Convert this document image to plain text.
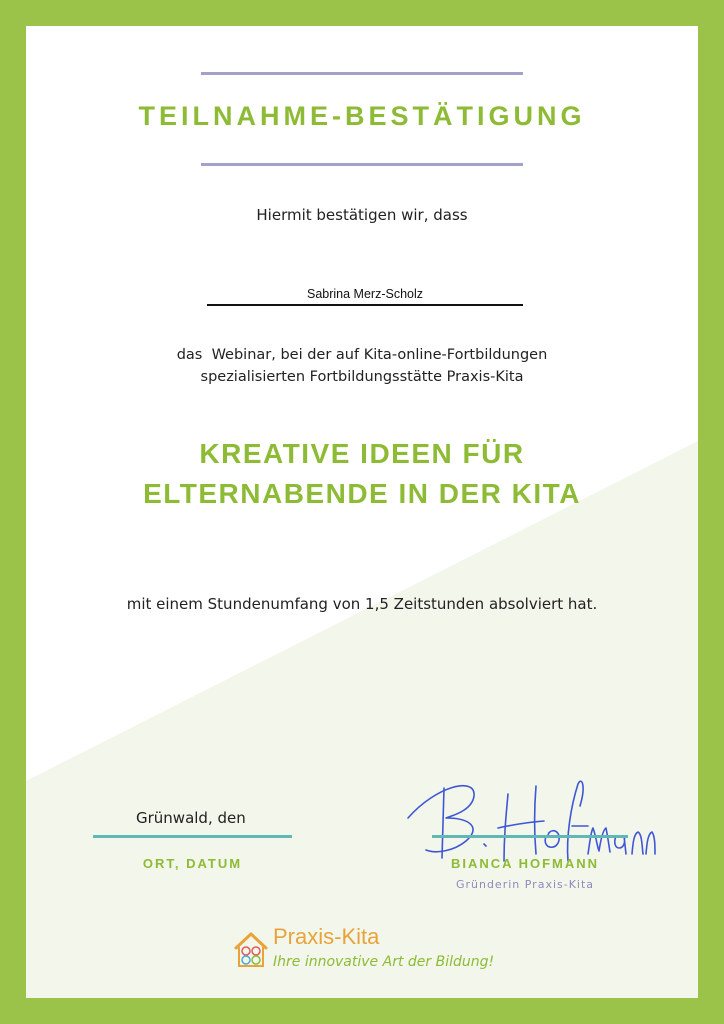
TEILNAHME-BESTÄTIGUNG
Hiermit bestätigen wir, dass
Sabrina Merz-Scholz
das  Webinar, bei der auf Kita-online-Fortbildungen
spezialisierten Fortbildungsstätte Praxis-Kita
KREATIVE IDEEN FÜR
ELTERNABENDE IN DER KITA
mit einem Stundenumfang von 1,5 Zeitstunden absolviert hat.
Grünwald, den
ORT, DATUM	BIANCA HOFMANN
Gründerin Praxis-Kita
Praxis-Kita
Ihre innovative Art der Bildung!
